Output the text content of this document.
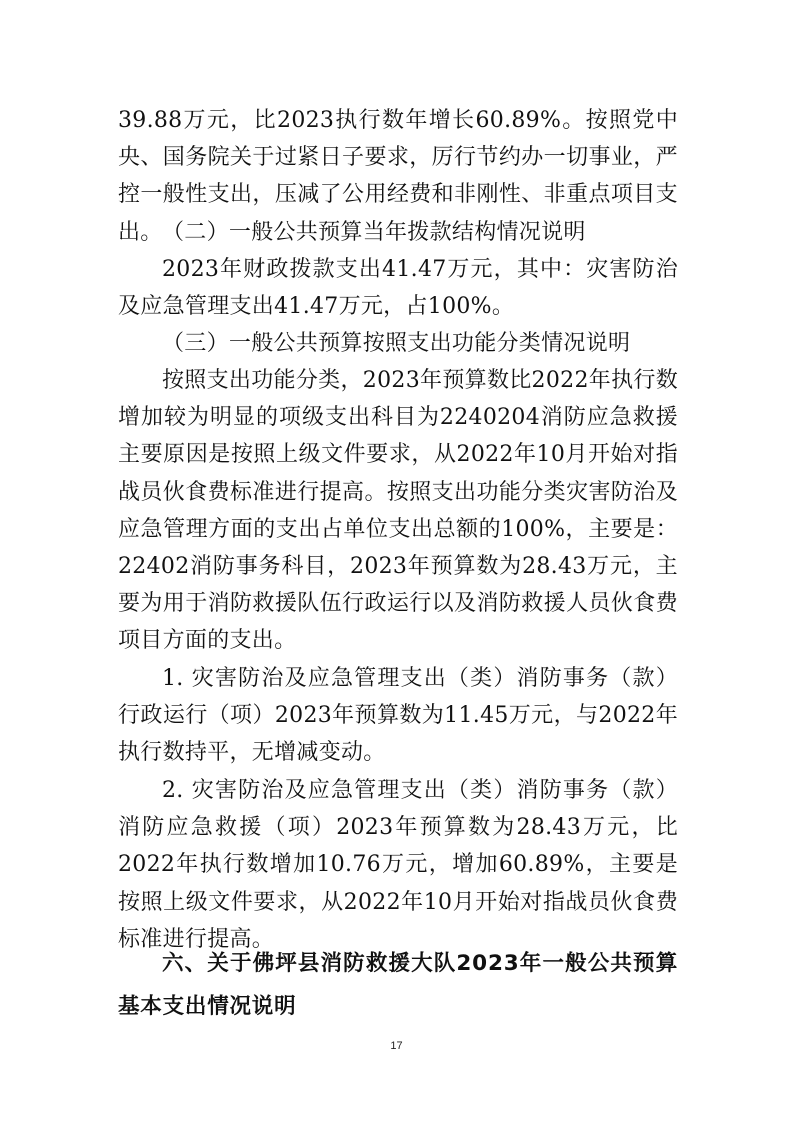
39.88万元，比2023执行数年增长60.89%。按照党中央、国务院关于过紧日子要求，厉行节约办一切事业，严控一般性支出，压减了公用经费和非刚性、非重点项目支出。 （二）一般公共预算当年拨款结构情况说明

2023年财政拨款支出41.47万元，其中：灾害防治及应急管理支出41.47万元，占100%。

（三）一般公共预算按照支出功能分类情况说明

按照支出功能分类，2023年预算数比2022年执行数增加较为明显的项级支出科目为2240204消防应急救援主要原因是按照上级文件要求，从2022年10月开始对指战员伙食费标准进行提高。按照支出功能分类灾害防治及应急管理方面的支出占单位支出总额的100%，主要是：22402消防事务科目，2023年预算数为28.43万元，主要为用于消防救援队伍行政运行以及消防救援人员伙食费项目方面的支出。

1. 灾害防治及应急管理支出（类）消防事务（款）行政运行（项）2023年预算数为11.45万元，与2022年执行数持平，无增减变动。

2. 灾害防治及应急管理支出（类）消防事务（款）消防应急救援（项）2023年预算数为28.43万元，比2022年执行数增加10.76万元，增加60.89%，主要是按照上级文件要求，从2022年10月开始对指战员伙食费标准进行提高。

六、关于佛坪县消防救援大队2023年一般公共预算基本支出情况说明

17
